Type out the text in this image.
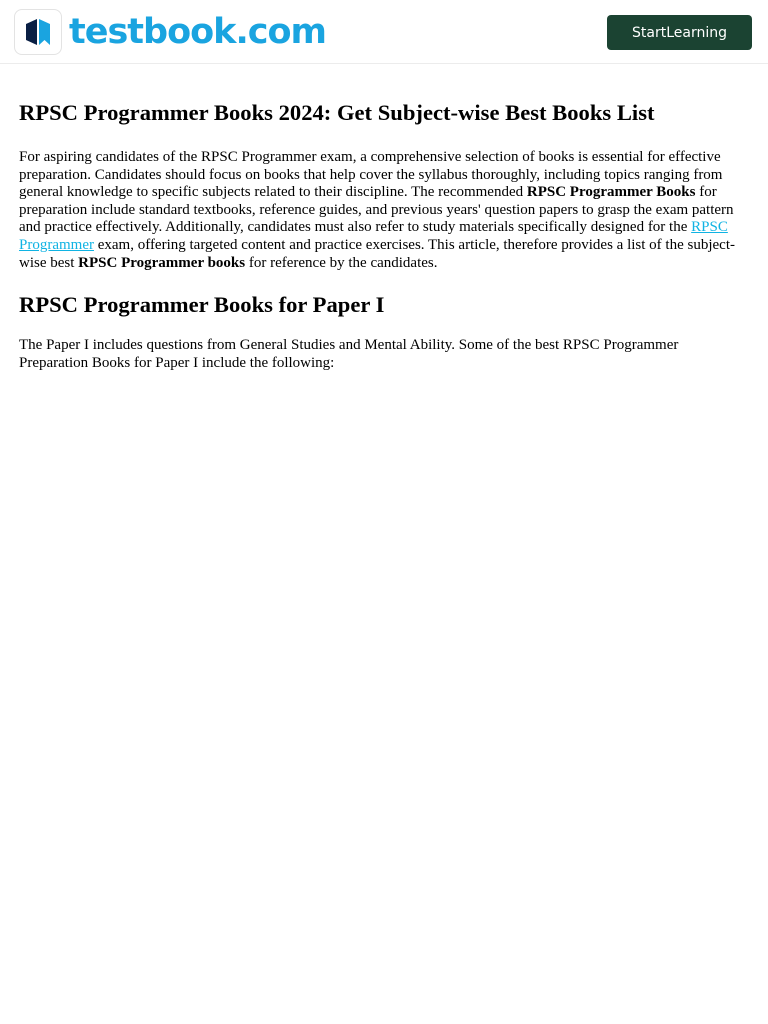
testbook.com	StartLearning
RPSC Programmer Books 2024: Get Subject-wise Best Books List

For aspiring candidates of the RPSC Programmer exam, a comprehensive selection of books is essential for effective preparation. Candidates should focus on books that help cover the syllabus thoroughly, including topics ranging from general knowledge to specific subjects related to their discipline. The recommended RPSC Programmer Books for preparation include standard textbooks, reference guides, and previous years' question papers to grasp the exam pattern and practice effectively. Additionally, candidates must also refer to study materials specifically designed for the RPSC Programmer exam, offering targeted content and practice exercises. This article, therefore provides a list of the subject-wise best RPSC Programmer books for reference by the candidates.

RPSC Programmer Books for Paper I

The Paper I includes questions from General Studies and Mental Ability. Some of the best RPSC Programmer Preparation Books for Paper I include the following:
